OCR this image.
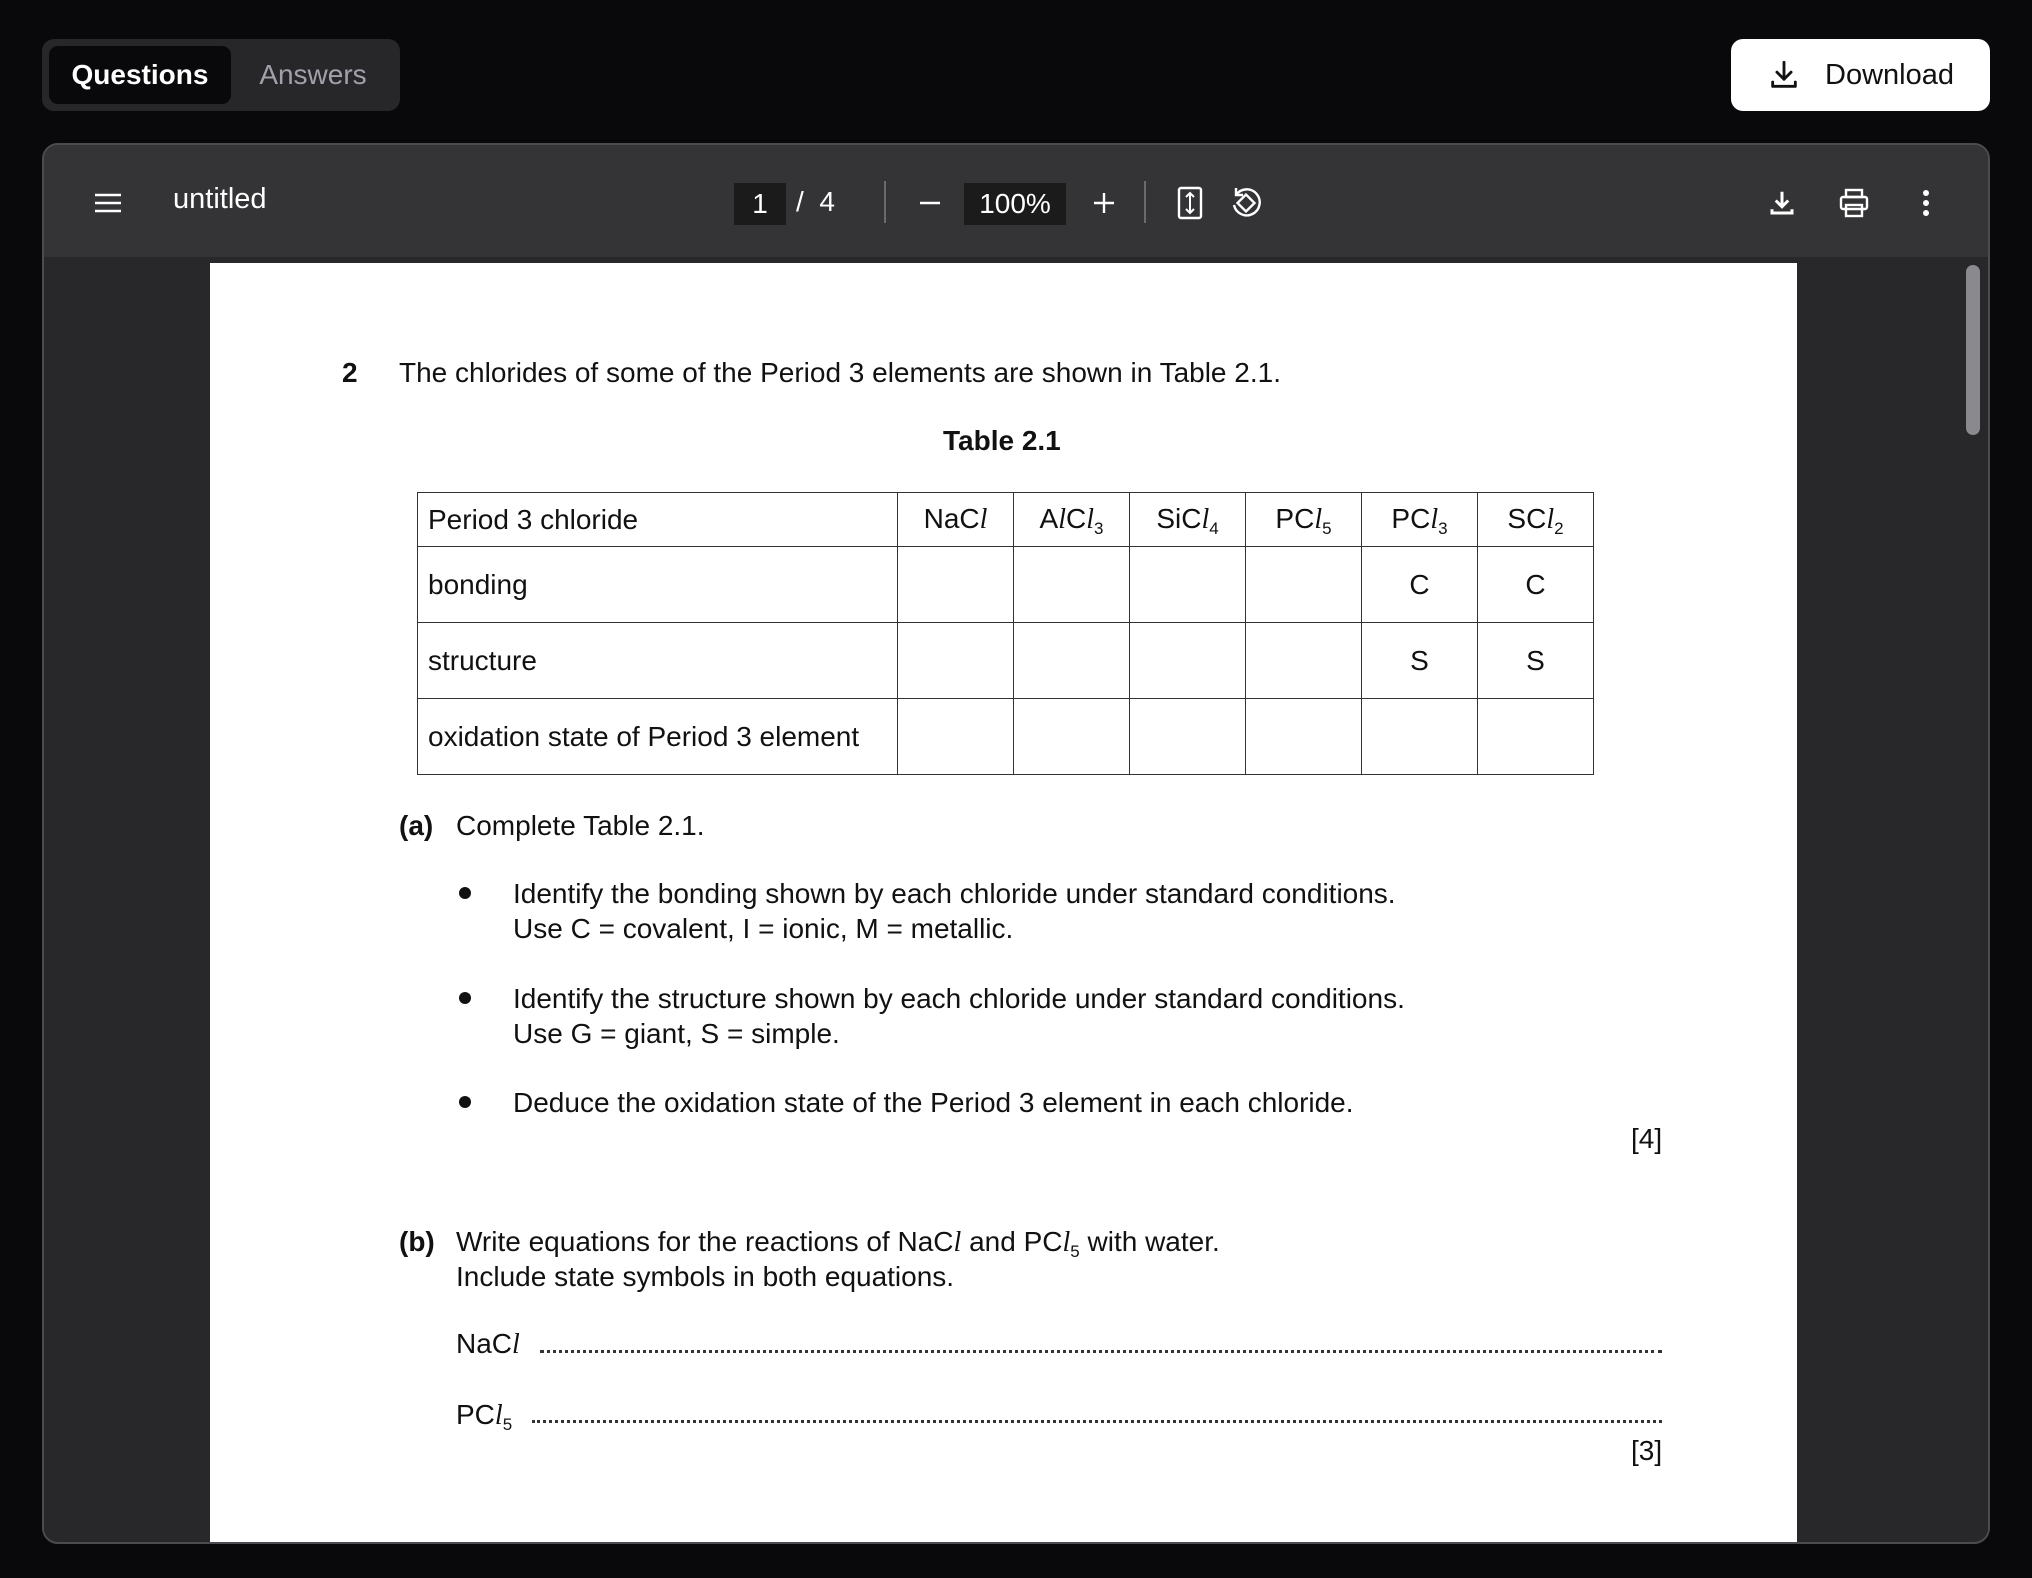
Questions	Answers	Download
untitled	1	/ 4	100%
2 The chlorides of some of the Period 3 elements are shown in Table 2.1.
Table 2.1
Period 3 chloride	NaCl	AlCl$_3$	SiCl$_4$	PCl$_5$	PCl$_3$	SCl$_2$
bonding					C	C
structure					S	S
oxidation state of Period 3 element						
(a) Complete Table 2.1.
Identify the bonding shown by each chloride under standard conditions.
Use C = covalent, I = ionic, M = metallic.
Identify the structure shown by each chloride under standard conditions.
Use G = giant, S = simple.
Deduce the oxidation state of the Period 3 element in each chloride.
[4]
(b) Write equations for the reactions of NaCl and PCl$_5$ with water.
Include state symbols in both equations.
NaCl
PCl$_5$
[3]
